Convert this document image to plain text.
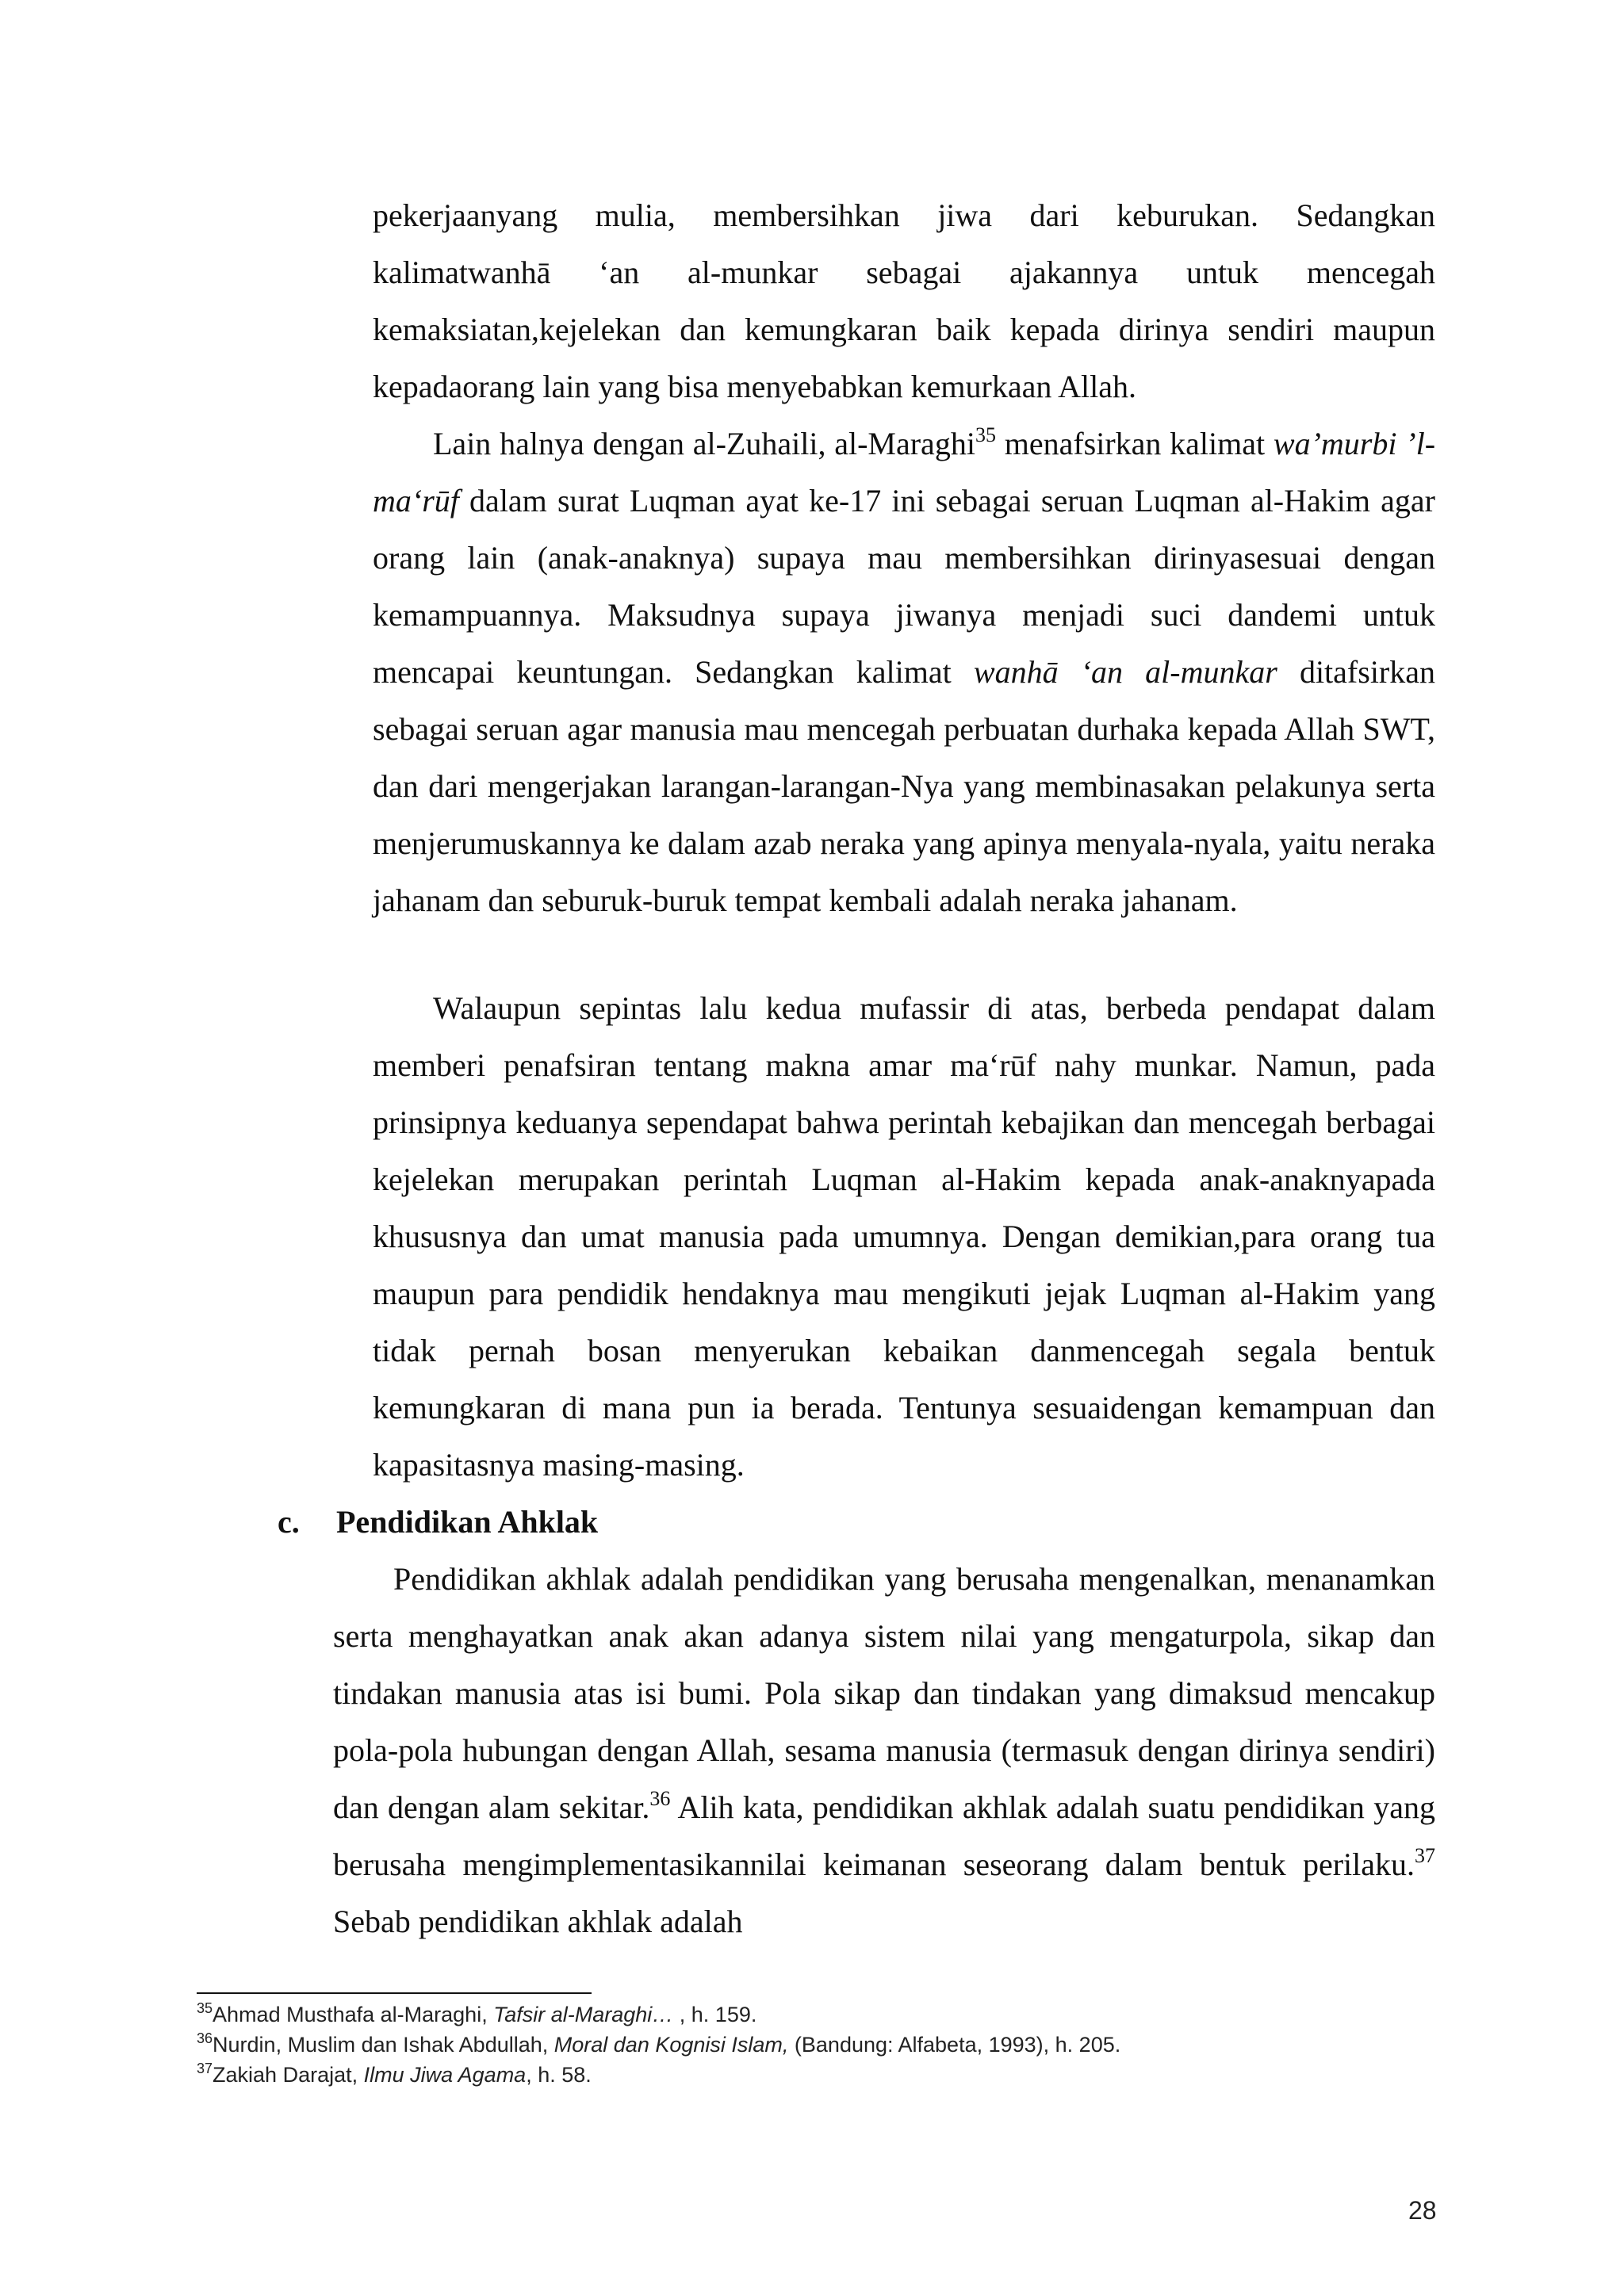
pekerjaanyang mulia, membersihkan jiwa dari keburukan. Sedangkan kalimatwanhā ‘an al-munkar sebagai ajakannya untuk mencegah kemaksiatan,kejelekan dan kemungkaran baik kepada dirinya sendiri maupun kepadaorang lain yang bisa menyebabkan kemurkaan Allah.

Lain halnya dengan al-Zuhaili, al-Maraghi$^{35}$ menafsirkan kalimat wa’murbi ’l-ma‘rūf dalam surat Luqman ayat ke-17 ini sebagai seruan Luqman al-Hakim agar orang lain (anak-anaknya) supaya mau membersihkan dirinyasesuai dengan kemampuannya. Maksudnya supaya jiwanya menjadi suci dandemi untuk mencapai keuntungan. Sedangkan kalimat wanhā ‘an al-munkar ditafsirkan sebagai seruan agar manusia mau mencegah perbuatan durhaka kepada Allah SWT, dan dari mengerjakan larangan-larangan-Nya yang membinasakan pelakunya serta menjerumuskannya ke dalam azab neraka yang apinya menyala-nyala, yaitu neraka jahanam dan seburuk-buruk tempat kembali adalah neraka jahanam.

Walaupun sepintas lalu kedua mufassir di atas, berbeda pendapat dalam memberi penafsiran tentang makna amar ma‘rūf nahy munkar. Namun, pada prinsipnya keduanya sependapat bahwa perintah kebajikan dan mencegah berbagai kejelekan merupakan perintah Luqman al-Hakim kepada anak-anaknyapada khususnya dan umat manusia pada umumnya. Dengan demikian,para orang tua maupun para pendidik hendaknya mau mengikuti jejak Luqman al-Hakim yang tidak pernah bosan menyerukan kebaikan danmencegah segala bentuk kemungkaran di mana pun ia berada. Tentunya sesuaidengan kemampuan dan kapasitasnya masing-masing.

c. Pendidikan Ahklak

Pendidikan akhlak adalah pendidikan yang berusaha mengenalkan, menanamkan serta menghayatkan anak akan adanya sistem nilai yang mengaturpola, sikap dan tindakan manusia atas isi bumi. Pola sikap dan tindakan yang dimaksud mencakup pola-pola hubungan dengan Allah, sesama manusia (termasuk dengan dirinya sendiri) dan dengan alam sekitar.$^{36}$ Alih kata, pendidikan akhlak adalah suatu pendidikan yang berusaha mengimplementasikannilai keimanan seseorang dalam bentuk perilaku.$^{37}$ Sebab pendidikan akhlak adalah

$^{35}$Ahmad Musthafa al-Maraghi, Tafsir al-Maraghi… , h. 159.
$^{36}$Nurdin, Muslim dan Ishak Abdullah, Moral dan Kognisi Islam, (Bandung: Alfabeta, 1993), h. 205.
$^{37}$Zakiah Darajat, Ilmu Jiwa Agama, h. 58.
28
